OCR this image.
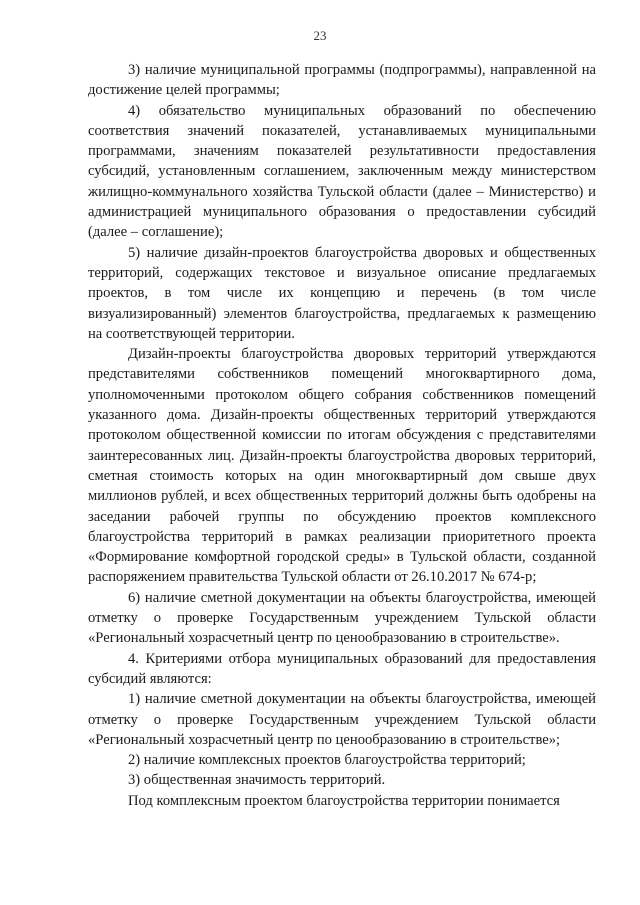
23

3) наличие муниципальной программы (подпрограммы), направленной на достижение целей программы;

4) обязательство муниципальных образований по обеспечению соответствия значений показателей, устанавливаемых муниципальными программами, значениям показателей результативности предоставления субсидий, установленным соглашением, заключенным между министерством жилищно-коммунального хозяйства Тульской области (далее – Министерство) и администрацией муниципального образования о предоставлении субсидий (далее – соглашение);

5) наличие дизайн-проектов благоустройства дворовых и общественных территорий, содержащих текстовое и визуальное описание предлагаемых проектов, в том числе их концепцию и перечень (в том числе визуализированный) элементов благоустройства, предлагаемых к размещению на соответствующей территории.

Дизайн-проекты благоустройства дворовых территорий утверждаются представителями собственников помещений многоквартирного дома, уполномоченными протоколом общего собрания собственников помещений указанного дома. Дизайн-проекты общественных территорий утверждаются протоколом общественной комиссии по итогам обсуждения с представителями заинтересованных лиц. Дизайн-проекты благоустройства дворовых территорий, сметная стоимость которых на один многоквартирный дом свыше двух миллионов рублей, и всех общественных территорий должны быть одобрены на заседании рабочей группы по обсуждению проектов комплексного благоустройства территорий в рамках реализации приоритетного проекта «Формирование комфортной городской среды» в Тульской области, созданной распоряжением правительства Тульской области от 26.10.2017 № 674-р;

6) наличие сметной документации на объекты благоустройства, имеющей отметку о проверке Государственным учреждением Тульской области «Региональный хозрасчетный центр по ценообразованию в строительстве».

4. Критериями отбора муниципальных образований для предоставления субсидий являются:

1) наличие сметной документации на объекты благоустройства, имеющей отметку о проверке Государственным учреждением Тульской области «Региональный хозрасчетный центр по ценообразованию в строительстве»;

2) наличие комплексных проектов благоустройства территорий;

3) общественная значимость территорий.

Под комплексным проектом благоустройства территории понимается
